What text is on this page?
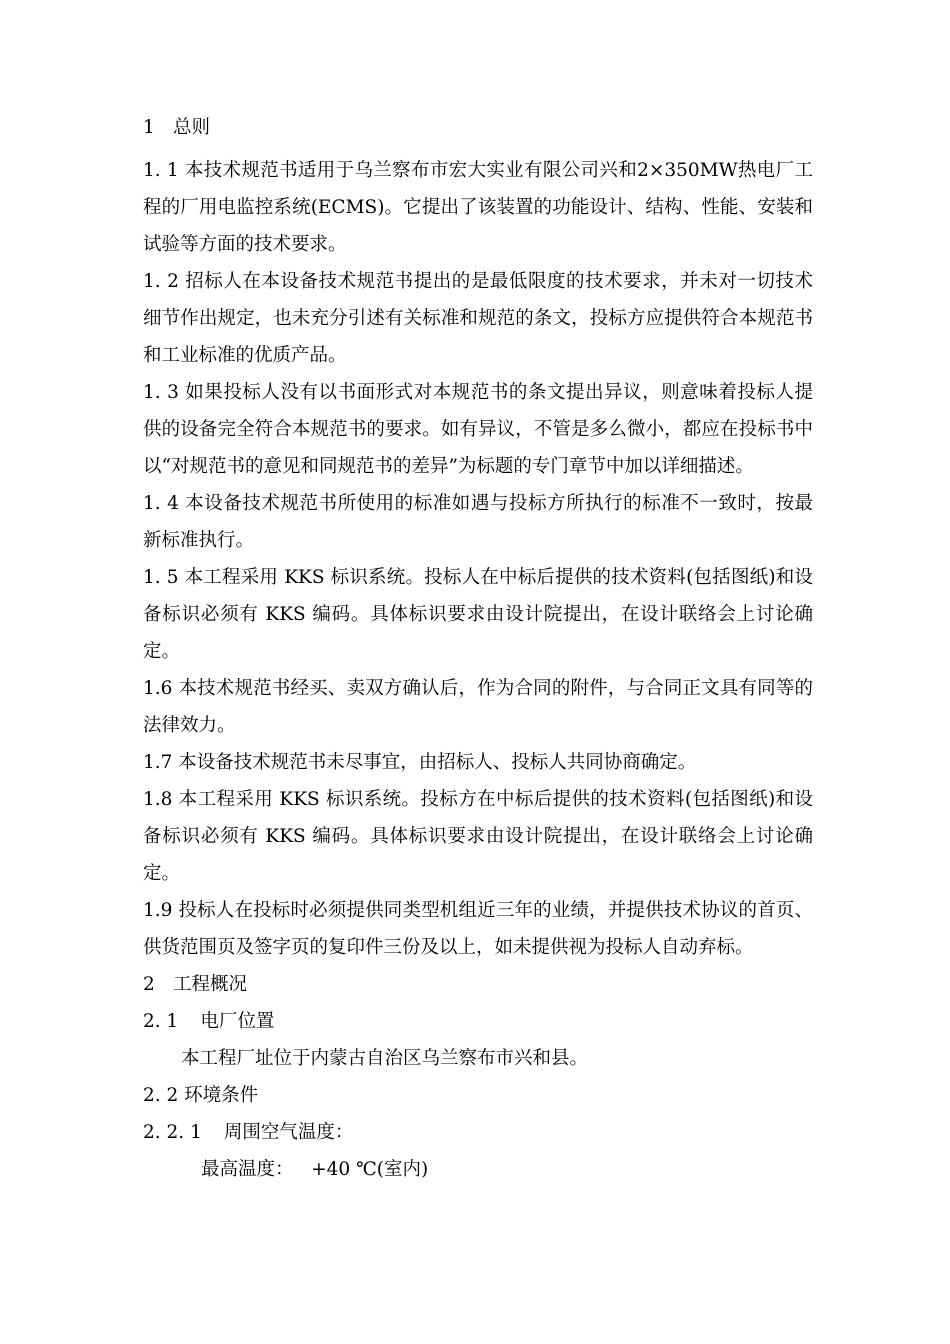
1 总则

1. 1 本技术规范书适用于乌兰察布市宏大实业有限公司兴和2×350MW热电厂工程的厂用电监控系统(ECMS)。它提出了该装置的功能设计、结构、性能、安装和试验等方面的技术要求。

1. 2 招标人在本设备技术规范书提出的是最低限度的技术要求，并未对一切技术细节作出规定，也未充分引述有关标准和规范的条文，投标方应提供符合本规范书和工业标准的优质产品。

1. 3 如果投标人没有以书面形式对本规范书的条文提出异议，则意味着投标人提供的设备完全符合本规范书的要求。如有异议，不管是多么微小，都应在投标书中以“对规范书的意见和同规范书的差异”为标题的专门章节中加以详细描述。

1. 4 本设备技术规范书所使用的标准如遇与投标方所执行的标准不一致时，按最新标准执行。

1. 5 本工程采用 KKS 标识系统。投标人在中标后提供的技术资料(包括图纸)和设备标识必须有 KKS 编码。具体标识要求由设计院提出，在设计联络会上讨论确定。

1.6 本技术规范书经买、卖双方确认后，作为合同的附件，与合同正文具有同等的法律效力。

1.7 本设备技术规范书未尽事宜，由招标人、投标人共同协商确定。

1.8 本工程采用 KKS 标识系统。投标方在中标后提供的技术资料(包括图纸)和设备标识必须有 KKS 编码。具体标识要求由设计院提出，在设计联络会上讨论确定。

1.9 投标人在投标时必须提供同类型机组近三年的业绩，并提供技术协议的首页、供货范围页及签字页的复印件三份及以上，如未提供视为投标人自动弃标。

2 工程概况
2. 1 电厂位置
本工程厂址位于内蒙古自治区乌兰察布市兴和县。
2. 2 环境条件
2. 2. 1 周围空气温度：
最高温度：   +40 ℃(室内)
